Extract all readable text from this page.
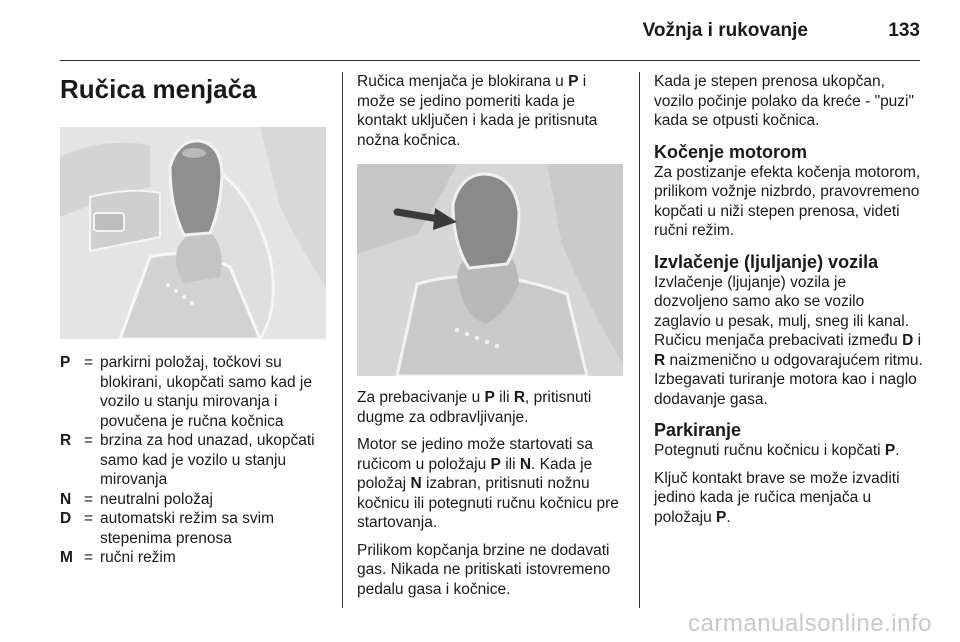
Vožnja i rukovanje	133
Ručica menjača
P = parkirni položaj, točkovi su blokirani, ukopčati samo kad je vozilo u stanju mirovanja i povučena je ručna kočnica
R = brzina za hod unazad, ukopčati samo kad je vozilo u stanju mirovanja
N = neutralni položaj
D = automatski režim sa svim stepenima prenosa
M = ručni režim

Ručica menjača je blokirana u P i može se jedino pomeriti kada je kontakt uključen i kada je pritisnuta nožna kočnica.

Za prebacivanje u P ili R, pritisnuti dugme za odbravljivanje.

Motor se jedino može startovati sa ručicom u položaju P ili N. Kada je položaj N izabran, pritisnuti nožnu kočnicu ili potegnuti ručnu kočnicu pre startovanja.

Prilikom kopčanja brzine ne dodavati gas. Nikada ne pritiskati istovremeno pedalu gasa i kočnice.

Kada je stepen prenosa ukopčan, vozilo počinje polako da kreće - "puzi" kada se otpusti kočnica.

Kočenje motorom

Za postizanje efekta kočenja motorom, prilikom vožnje nizbrdo, pravovremeno kopčati u niži stepen prenosa, videti ručni režim.

Izvlačenje (ljuljanje) vozila

Izvlačenje (ljujanje) vozila je dozvoljeno samo ako se vozilo zaglavio u pesak, mulj, sneg ili kanal. Ručicu menjača prebacivati između D i R naizmenično u odgovarajućem ritmu. Izbegavati turiranje motora kao i naglo dodavanje gasa.

Parkiranje

Potegnuti ručnu kočnicu i kopčati P.

Ključ kontakt brave se može izvaditi jedino kada je ručica menjača u položaju P.

carmanualsonline.info
